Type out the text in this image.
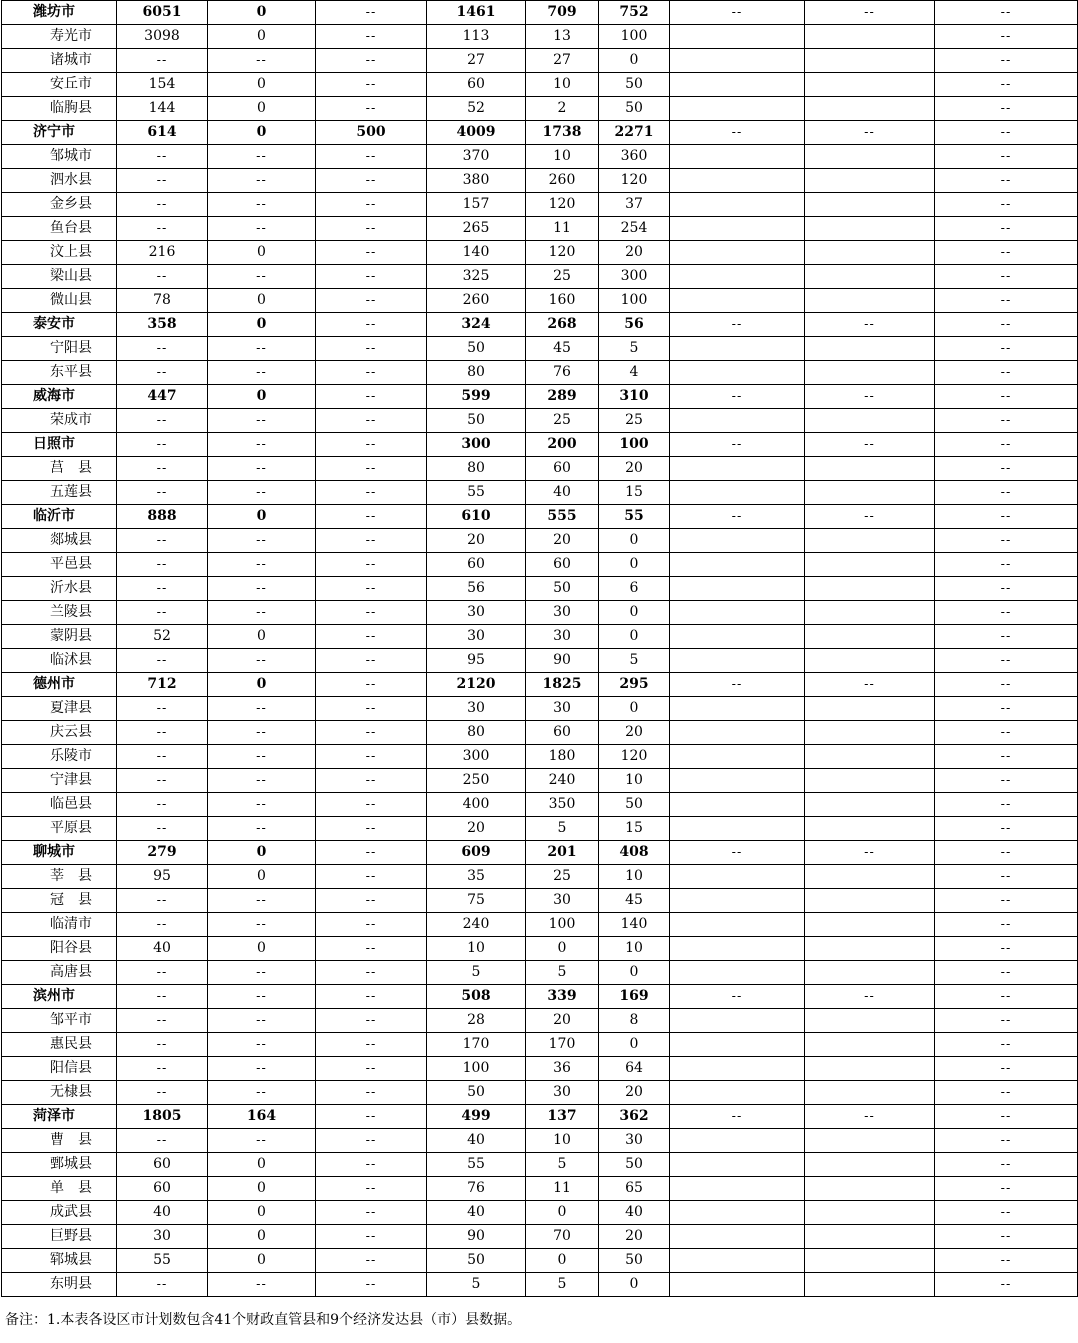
潍坊市	6051	0	--	1461	709	752	--	--	--
寿光市	3098	0	--	113	13	100			--
诸城市	--	--	--	27	27	0			--
安丘市	154	0	--	60	10	50			--
临朐县	144	0	--	52	2	50			--
济宁市	614	0	500	4009	1738	2271	--	--	--
邹城市	--	--	--	370	10	360			--
泗水县	--	--	--	380	260	120			--
金乡县	--	--	--	157	120	37			--
鱼台县	--	--	--	265	11	254			--
汶上县	216	0	--	140	120	20			--
梁山县	--	--	--	325	25	300			--
微山县	78	0	--	260	160	100			--
泰安市	358	0	--	324	268	56	--	--	--
宁阳县	--	--	--	50	45	5			--
东平县	--	--	--	80	76	4			--
威海市	447	0	--	599	289	310	--	--	--
荣成市	--	--	--	50	25	25			--
日照市	--	--	--	300	200	100	--	--	--
莒　县	--	--	--	80	60	20			--
五莲县	--	--	--	55	40	15			--
临沂市	888	0	--	610	555	55	--	--	--
郯城县	--	--	--	20	20	0			--
平邑县	--	--	--	60	60	0			--
沂水县	--	--	--	56	50	6			--
兰陵县	--	--	--	30	30	0			--
蒙阴县	52	0	--	30	30	0			--
临沭县	--	--	--	95	90	5			--
德州市	712	0	--	2120	1825	295	--	--	--
夏津县	--	--	--	30	30	0			--
庆云县	--	--	--	80	60	20			--
乐陵市	--	--	--	300	180	120			--
宁津县	--	--	--	250	240	10			--
临邑县	--	--	--	400	350	50			--
平原县	--	--	--	20	5	15			--
聊城市	279	0	--	609	201	408	--	--	--
莘　县	95	0	--	35	25	10			--
冠　县	--	--	--	75	30	45			--
临清市	--	--	--	240	100	140			--
阳谷县	40	0	--	10	0	10			--
高唐县	--	--	--	5	5	0			--
滨州市	--	--	--	508	339	169	--	--	--
邹平市	--	--	--	28	20	8			--
惠民县	--	--	--	170	170	0			--
阳信县	--	--	--	100	36	64			--
无棣县	--	--	--	50	30	20			--
菏泽市	1805	164	--	499	137	362	--	--	--
曹　县	--	--	--	40	10	30			--
鄄城县	60	0	--	55	5	50			--
单　县	60	0	--	76	11	65			--
成武县	40	0	--	40	0	40			--
巨野县	30	0	--	90	70	20			--
郓城县	55	0	--	50	0	50			--
东明县	--	--	--	5	5	0			--
备注：1.本表各设区市计划数包含41个财政直管县和9个经济发达县（市）县数据。
